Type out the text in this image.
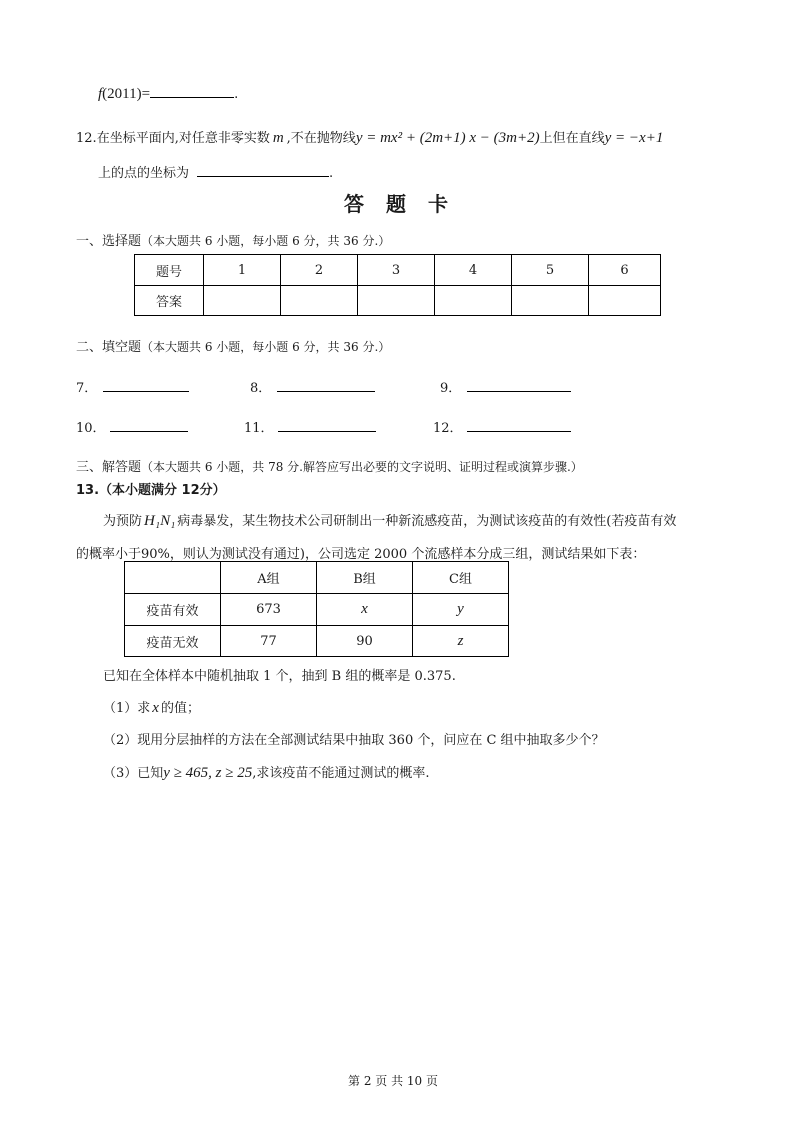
f(2011)=	.
12.在坐标平面内,对任意非零实数 m ,不在抛物线y = mx² + (2m+1) x − (3m+2)上但在直线y = −x+1
上的点的坐标为	.
答题卡
一、选择题（本大题共 6 小题，每小题 6 分，共 36 分.）
题号	1	2	3	4	5	6
答案						
二、填空题（本大题共 6 小题，每小题 6 分，共 36 分.）
7．	8．	9．
10．	11．	12．
三、解答题（本大题共 6 小题，共 78 分.解答应写出必要的文字说明、证明过程或演算步骤.）
13.（本小题满分 12分）
为预防 H₁N₁ 病毒暴发，某生物技术公司研制出一种新流感疫苗，为测试该疫苗的有效性(若疫苗有效
的概率小于90%，则认为测试没有通过)，公司选定 2000 个流感样本分成三组，测试结果如下表：
	A组	B组	C组
疫苗有效	673	x	y
疫苗无效	77	90	z
已知在全体样本中随机抽取 1 个，抽到 B 组的概率是 0.375.
（1）求 x 的值；
（2）现用分层抽样的方法在全部测试结果中抽取 360 个，问应在 C 组中抽取多少个？
（3）已知y ≥ 465, z ≥ 25,求该疫苗不能通过测试的概率.
第 2 页 共 10 页
